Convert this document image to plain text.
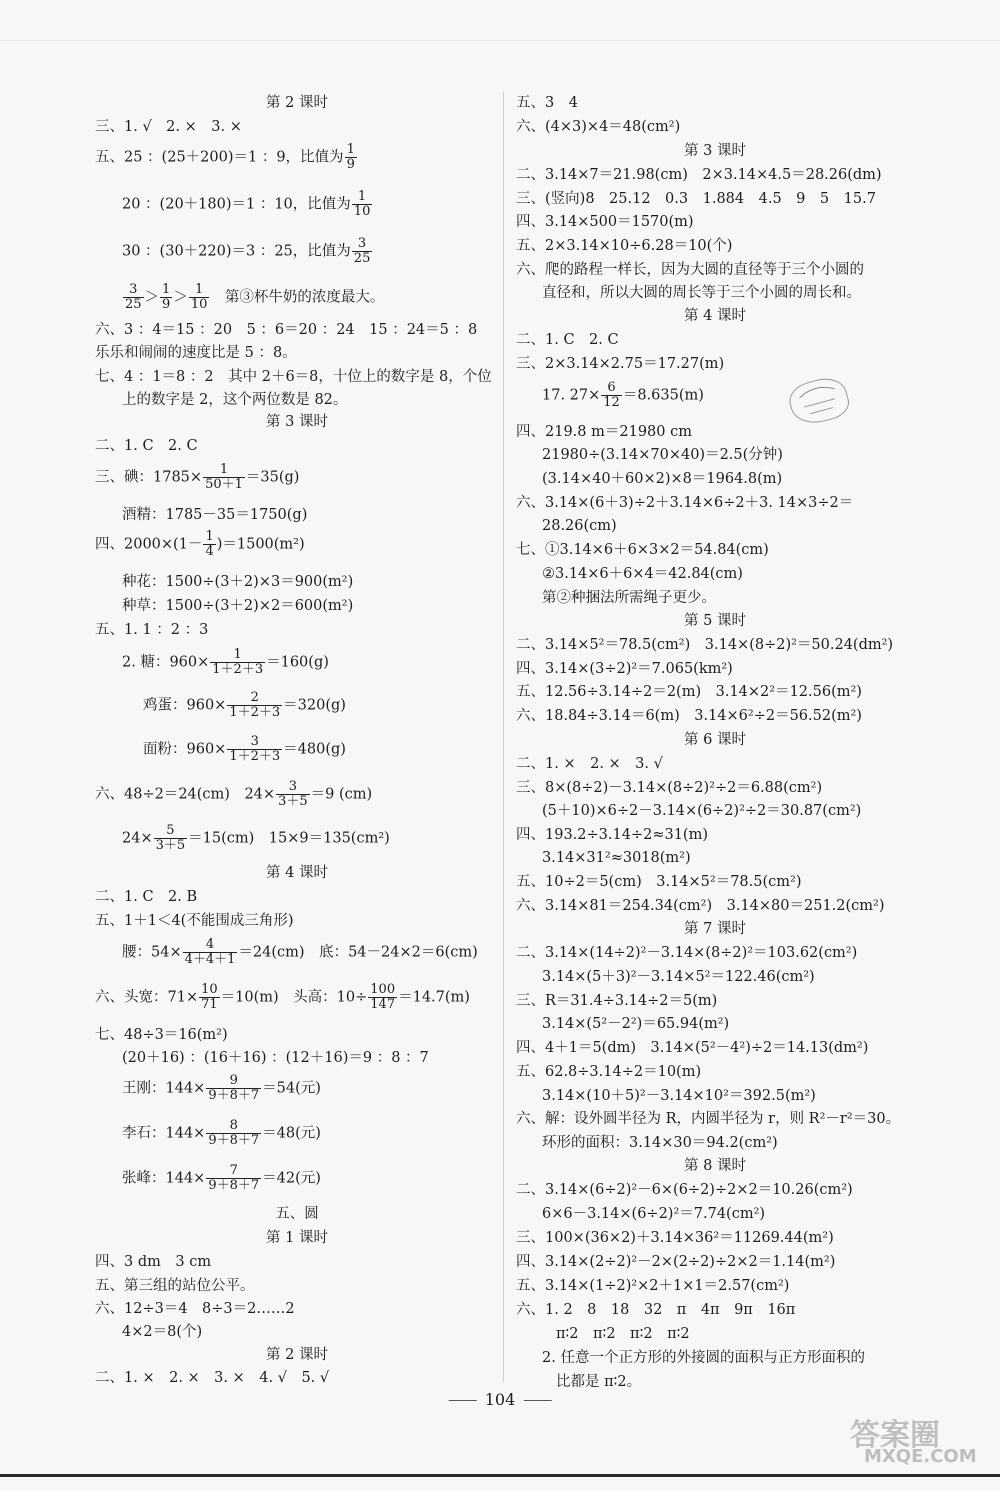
第 2 课时
三、1. √　2. ×　3. ×
五、25 ：(25＋200)＝1 ：9，比值为 $\frac{1}{9}$
20 ：(20＋180)＝1 ：10，比值为 $\frac{1}{10}$
30 ：(30＋220)＝3 ：25，比值为 $\frac{3}{25}$
$\frac{3}{25} > \frac{1}{9} > \frac{1}{10}$
　 第③杯牛奶的浓度最大。
六、3 ：4＝15 ：20　5 ：6＝20 ：24　15 ：24＝5 ：8
乐乐和闹闹的速度比是 5 ：8。
七、4 ：1＝8 ：2　其中 2＋6＝8，十位上的数字是 8，个位
上的数字是 2，这个两位数是 82。
第 3 课时
二、1. C　2. C
三、碘：$1785\times \frac{1}{50+1} =35(g)$
酒精：1785－35＝1750(g)
四、$2000\times(1- \frac{1}{4} )=1500(m^2)$
种花：1500÷(3＋2)×3＝900(m²)
种草：1500÷(3＋2)×2＝600(m²)
五、1. 1 ：2 ：3
2. 糖：$960\times \frac{1}{1+2+3} =160(g)$
鸡蛋：$960\times \frac{2}{1+2+3} =320(g)$
面粉：$960\times \frac{3}{1+2+3} =480(g)$
六、48÷2＝24(cm)　$24\times \frac{3}{3+5} =9$ (cm)
$24\times \frac{5}{3+5} =15(cm)$　15×9＝135(cm²)
第 4 课时
二、1. C　2. B
五、1＋1＜4(不能围成三角形)
腰：$54\times \frac{4}{4+4+1} =24(cm)$　底：54－24×2＝6(cm)
六、头宽：$71\times \frac{10}{71} =10(m)$　头高：$10\div \frac{100}{147} =14.7(m)$
七、48÷3＝16(m²)
(20＋16) ：(16＋16) ：(12＋16)＝9 ：8 ：7
王刚：$144\times \frac{9}{9+8+7} =54$(元)
李石：$144\times \frac{8}{9+8+7} =48$(元)
张峰：$144\times \frac{7}{9+8+7} =42$(元)
五、圆
第 1 课时
四、3 dm　3 cm
五、第三组的站位公平。
六、12÷3＝4　8÷3＝2……2
4×2＝8(个)
第 2 课时
二、1. ×　2. ×　3. ×　4. √　5. √
五、3　4
六、(4×3)×4＝48(cm²)
第 3 课时
二、3.14×7＝21.98(cm)　2×3.14×4.5＝28.26(dm)
三、(竖向)8　25.12　0.3　1.884　4.5　9　5　15.7
四、3.14×500＝1570(m)
五、2×3.14×10÷6.28＝10(个)
六、爬的路程一样长，因为大圆的直径等于三个小圆的
直径和，所以大圆的周长等于三个小圆的周长和。
第 4 课时
二、1. C　2. C
三、2×3.14×2.75＝17.27(m)
17. $27\times \frac{6}{12} =8.635(m)$
四、219.8 m＝21980 cm
21980÷(3.14×70×40)＝2.5(分钟)
(3.14×40＋60×2)×8＝1964.8(m)
六、3.14×(6＋3)÷2＋3.14×6÷2＋3. 14×3÷2＝
28.26(cm)
七、①3.14×6＋6×3×2＝54.84(cm)
②3.14×6＋6×4＝42.84(cm)
第②种捆法所需绳子更少。
第 5 课时
二、3.14×5²＝78.5(cm²)　3.14×(8÷2)²＝50.24(dm²)
四、3.14×(3÷2)²＝7.065(km²)
五、12.56÷3.14÷2＝2(m)　3.14×2²＝12.56(m²)
六、18.84÷3.14＝6(m)　3.14×6²÷2＝56.52(m²)
第 6 课时
二、1. ×　2. ×　3. √
三、8×(8÷2)－3.14×(8÷2)²÷2＝6.88(cm²)
(5＋10)×6÷2－3.14×(6÷2)²÷2＝30.87(cm²)
四、193.2÷3.14÷2≈31(m)
3.14×31²≈3018(m²)
五、10÷2＝5(cm)　3.14×5²＝78.5(cm²)
六、3.14×81＝254.34(cm²)　3.14×80＝251.2(cm²)
第 7 课时
二、3.14×(14÷2)²－3.14×(8÷2)²＝103.62(cm²)
3.14×(5＋3)²－3.14×5²＝122.46(cm²)
三、R＝31.4÷3.14÷2＝5(m)
3.14×(5²－2²)＝65.94(m²)
四、4＋1＝5(dm)　3.14×(5²－4²)÷2＝14.13(dm²)
五、62.8÷3.14÷2＝10(m)
3.14×(10＋5)²－3.14×10²＝392.5(m²)
六、解：设外圆半径为 R，内圆半径为 r，则 R²－r²＝30。
环形的面积：3.14×30＝94.2(cm²)
第 8 课时
二、3.14×(6÷2)²－6×(6÷2)÷2×2＝10.26(cm²)
6×6－3.14×(6÷2)²＝7.74(cm²)
三、100×(36×2)＋3.14×36²＝11269.44(m²)
四、3.14×(2÷2)²－2×(2÷2)÷2×2＝1.14(m²)
五、3.14×(1÷2)²×2＋1×1＝2.57(cm²)
六、1. 2　8　18　32　π　4π　9π　16π
π∶2　π∶2　π∶2　π∶2
2. 任意一个正方形的外接圆的面积与正方形面积的
比都是 π∶2。
104
答案圈
MXQE.COM
